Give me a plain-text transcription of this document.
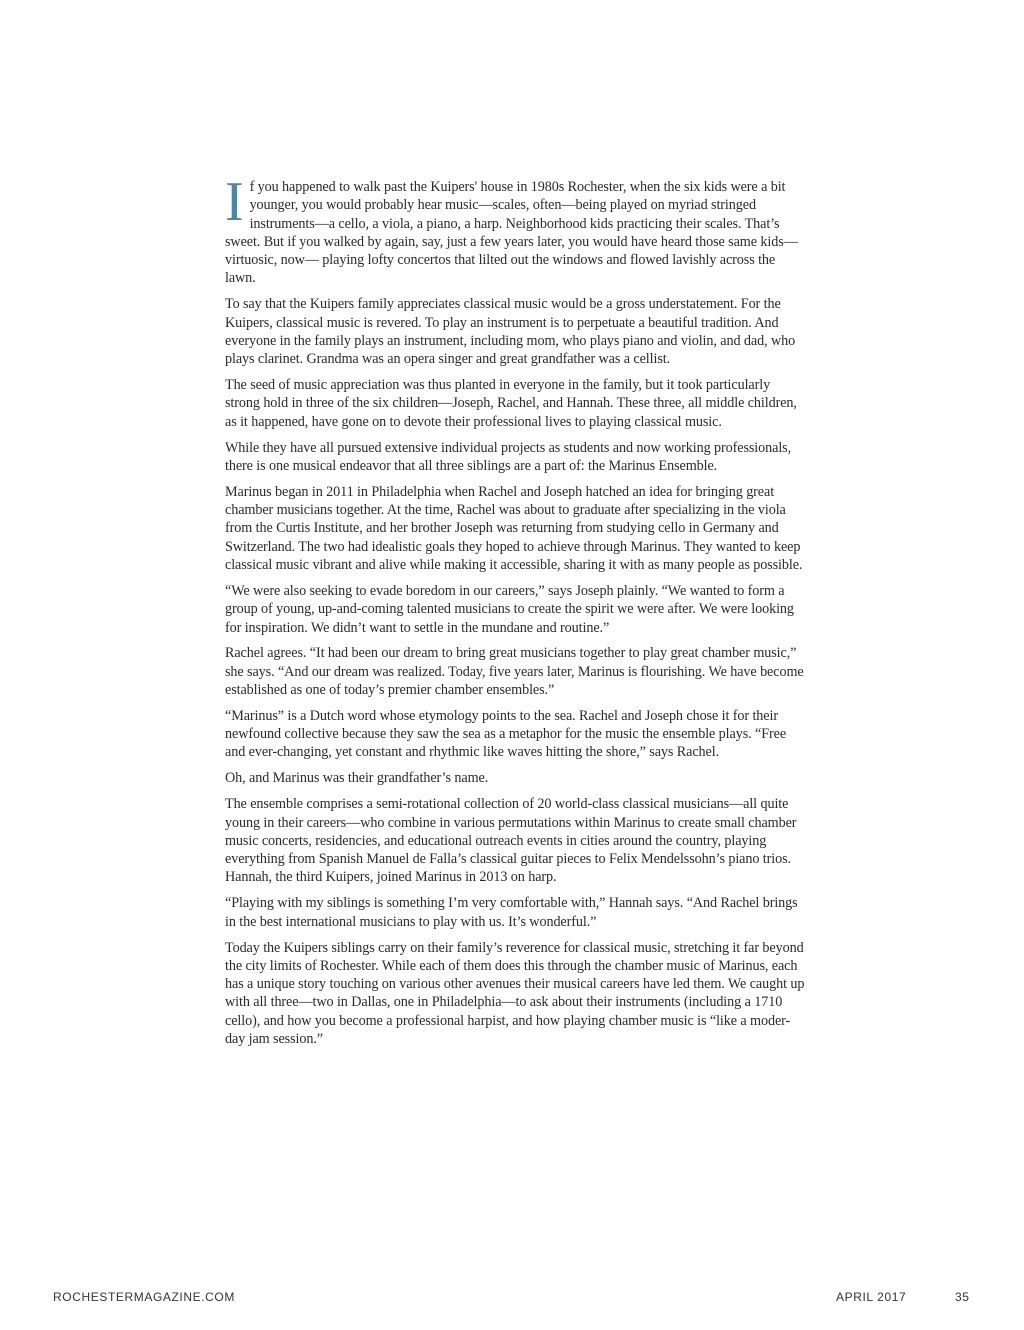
If you happened to walk past the Kuipers' house in 1980s Rochester, when the six kids were a bit younger, you would probably hear music—scales, often—being played on myriad stringed instruments—a cello, a viola, a piano, a harp. Neighborhood kids practicing their scales. That’s sweet. But if you walked by again, say, just a few years later, you would have heard those same kids—virtuosic, now— playing lofty concertos that lilted out the windows and flowed lavishly across the lawn.

To say that the Kuipers family appreciates classical music would be a gross understatement. For the Kuipers, classical music is revered. To play an instrument is to perpetuate a beautiful tradition. And everyone in the family plays an instrument, including mom, who plays piano and violin, and dad, who plays clarinet. Grandma was an opera singer and great grandfather was a cellist.

The seed of music appreciation was thus planted in everyone in the family, but it took particularly strong hold in three of the six children—Joseph, Rachel, and Hannah. These three, all middle children, as it happened, have gone on to devote their professional lives to playing classical music.

While they have all pursued extensive individual projects as students and now working professionals, there is one musical endeavor that all three siblings are a part of: the Marinus Ensemble.

Marinus began in 2011 in Philadelphia when Rachel and Joseph hatched an idea for bringing great chamber musicians together. At the time, Rachel was about to graduate after specializing in the viola from the Curtis Institute, and her brother Joseph was returning from studying cello in Germany and Switzerland. The two had idealistic goals they hoped to achieve through Marinus. They wanted to keep classical music vibrant and alive while making it accessible, sharing it with as many people as possible.

“We were also seeking to evade boredom in our careers,” says Joseph plainly. “We wanted to form a group of young, up-and-coming talented musicians to create the spirit we were after. We were looking for inspiration. We didn’t want to settle in the mundane and routine.”

Rachel agrees. “It had been our dream to bring great musicians together to play great chamber music,” she says. “And our dream was realized. Today, five years later, Marinus is flourishing. We have become established as one of today’s premier chamber ensembles.”

“Marinus” is a Dutch word whose etymology points to the sea. Rachel and Joseph chose it for their newfound collective because they saw the sea as a metaphor for the music the ensemble plays. “Free and ever-changing, yet constant and rhythmic like waves hitting the shore,” says Rachel.

Oh, and Marinus was their grandfather’s name.

The ensemble comprises a semi-rotational collection of 20 world-class classical musicians—all quite young in their careers—who combine in various permutations within Marinus to create small chamber music concerts, residencies, and educational outreach events in cities around the country, playing everything from Spanish Manuel de Falla’s classical guitar pieces to Felix Mendelssohn’s piano trios. Hannah, the third Kuipers, joined Marinus in 2013 on harp.

“Playing with my siblings is something I’m very comfortable with,” Hannah says. “And Rachel brings in the best international musicians to play with us. It’s wonderful.”

Today the Kuipers siblings carry on their family’s reverence for classical music, stretching it far beyond the city limits of Rochester. While each of them does this through the chamber music of Marinus, each has a unique story touching on various other avenues their musical careers have led them. We caught up with all three—two in Dallas, one in Philadelphia—to ask about their instruments (including a 1710 cello), and how you become a professional harpist, and how playing chamber music is “like a moder-day jam session.”

ROCHESTERMAGAZINE.COM	APRIL 2017	35
